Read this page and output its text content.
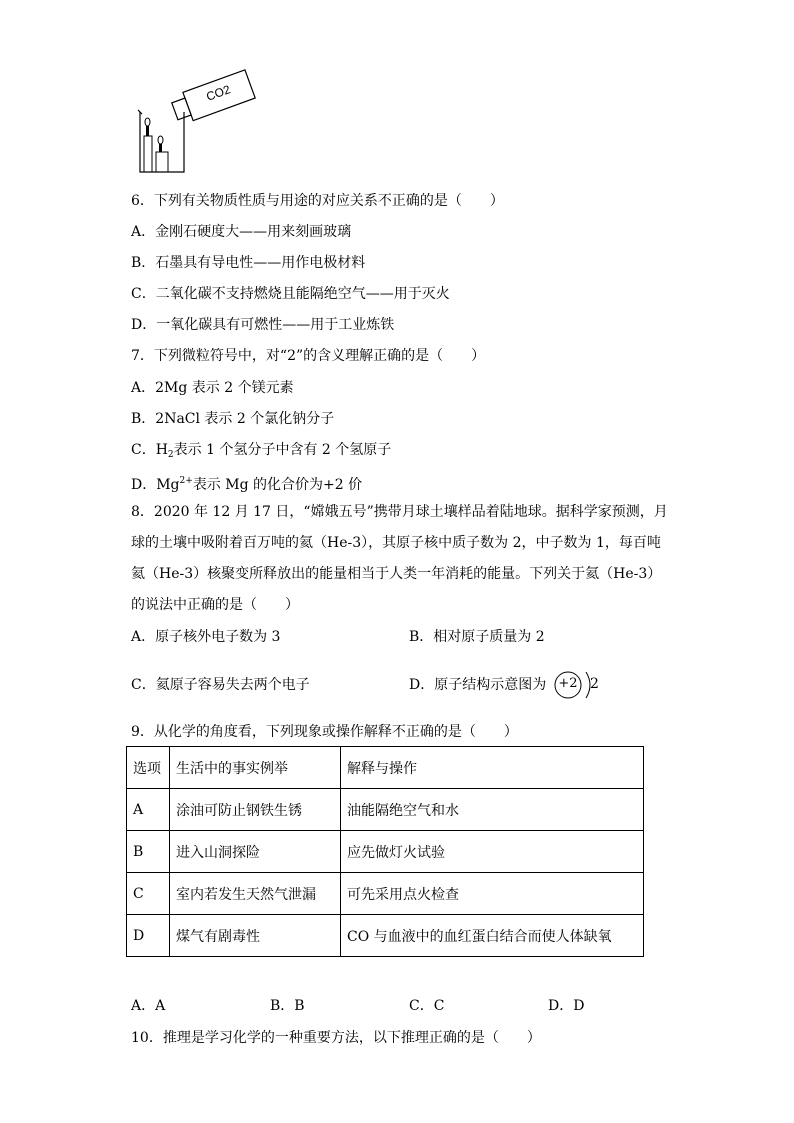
CO2
6．下列有关物质性质与用途的对应关系不正确的是（　　）
A．金刚石硬度大——用来刻画玻璃
B．石墨具有导电性——用作电极材料
C．二氧化碳不支持燃烧且能隔绝空气——用于灭火
D．一氧化碳具有可燃性——用于工业炼铁
7．下列微粒符号中，对“2”的含义理解正确的是（　　）
A．2Mg 表示 2 个镁元素
B．2NaCl 表示 2 个氯化钠分子
C．$H_2$表示 1 个氢分子中含有 2 个氢原子
D．$Mg^{2+}$表示 Mg 的化合价为+2 价
8．2020 年 12 月 17 日，“嫦娥五号”携带月球土壤样品着陆地球。据科学家预测，月球的土壤中吸附着百万吨的氦（He-3），其原子核中质子数为 2，中子数为 1，每百吨氦（He-3）核聚变所释放出的能量相当于人类一年消耗的能量。下列关于氦（He-3）的说法中正确的是（　　）
A．原子核外电子数为 3	B．相对原子质量为 2
C．氦原子容易失去两个电子	D．原子结构示意图为 +2 2
9．从化学的角度看，下列现象或操作解释不正确的是（　　）
选项	生活中的事实例举	解释与操作
A	涂油可防止钢铁生锈	油能隔绝空气和水
B	进入山洞探险	应先做灯火试验
C	室内若发生天然气泄漏	可先采用点火检查
D	煤气有剧毒性	CO 与血液中的血红蛋白结合而使人体缺氧
A．A	B．B	C．C	D．D
10．推理是学习化学的一种重要方法，以下推理正确的是（　　）
